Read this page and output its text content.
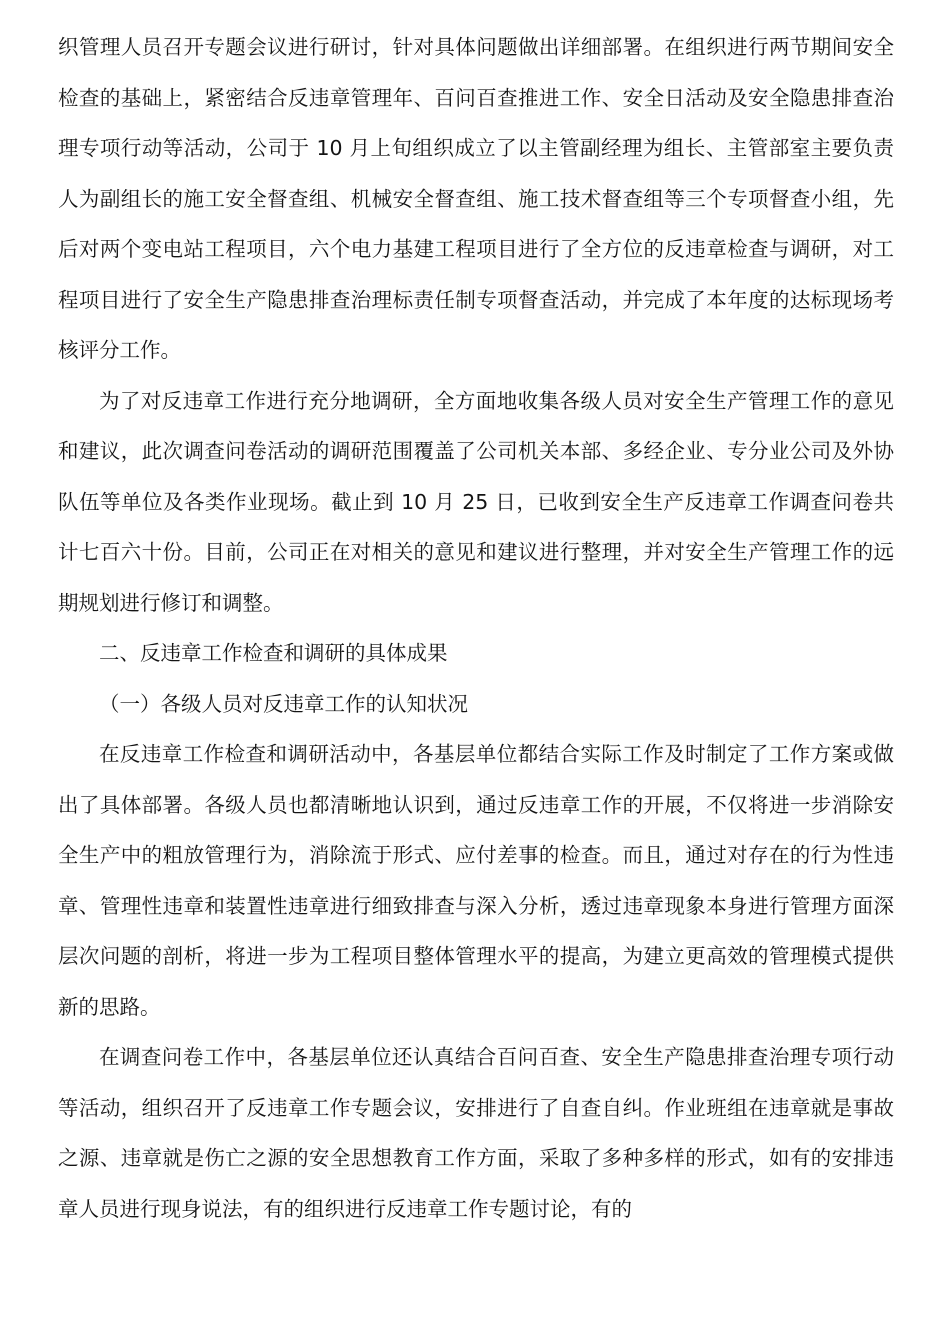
织管理人员召开专题会议进行研讨，针对具体问题做出详细部署。在组织进行两节期间安全检查的基础上，紧密结合反违章管理年、百问百查推进工作、安全日活动及安全隐患排查治理专项行动等活动，公司于 10 月上旬组织成立了以主管副经理为组长、主管部室主要负责人为副组长的施工安全督查组、机械安全督查组、施工技术督查组等三个专项督查小组，先后对两个变电站工程项目，六个电力基建工程项目进行了全方位的反违章检查与调研，对工程项目进行了安全生产隐患排查治理标责任制专项督查活动，并完成了本年度的达标现场考核评分工作。

为了对反违章工作进行充分地调研，全方面地收集各级人员对安全生产管理工作的意见和建议，此次调查问卷活动的调研范围覆盖了公司机关本部、多经企业、专分业公司及外协队伍等单位及各类作业现场。截止到 10 月 25 日，已收到安全生产反违章工作调查问卷共计七百六十份。目前，公司正在对相关的意见和建议进行整理，并对安全生产管理工作的远期规划进行修订和调整。

二、反违章工作检查和调研的具体成果

（一）各级人员对反违章工作的认知状况

在反违章工作检查和调研活动中，各基层单位都结合实际工作及时制定了工作方案或做出了具体部署。各级人员也都清晰地认识到，通过反违章工作的开展，不仅将进一步消除安全生产中的粗放管理行为，消除流于形式、应付差事的检查。而且，通过对存在的行为性违章、管理性违章和装置性违章进行细致排查与深入分析，透过违章现象本身进行管理方面深层次问题的剖析，将进一步为工程项目整体管理水平的提高，为建立更高效的管理模式提供新的思路。

在调查问卷工作中，各基层单位还认真结合百问百查、安全生产隐患排查治理专项行动等活动，组织召开了反违章工作专题会议，安排进行了自查自纠。作业班组在违章就是事故之源、违章就是伤亡之源的安全思想教育工作方面，采取了多种多样的形式，如有的安排违章人员进行现身说法，有的组织进行反违章工作专题讨论，有的
